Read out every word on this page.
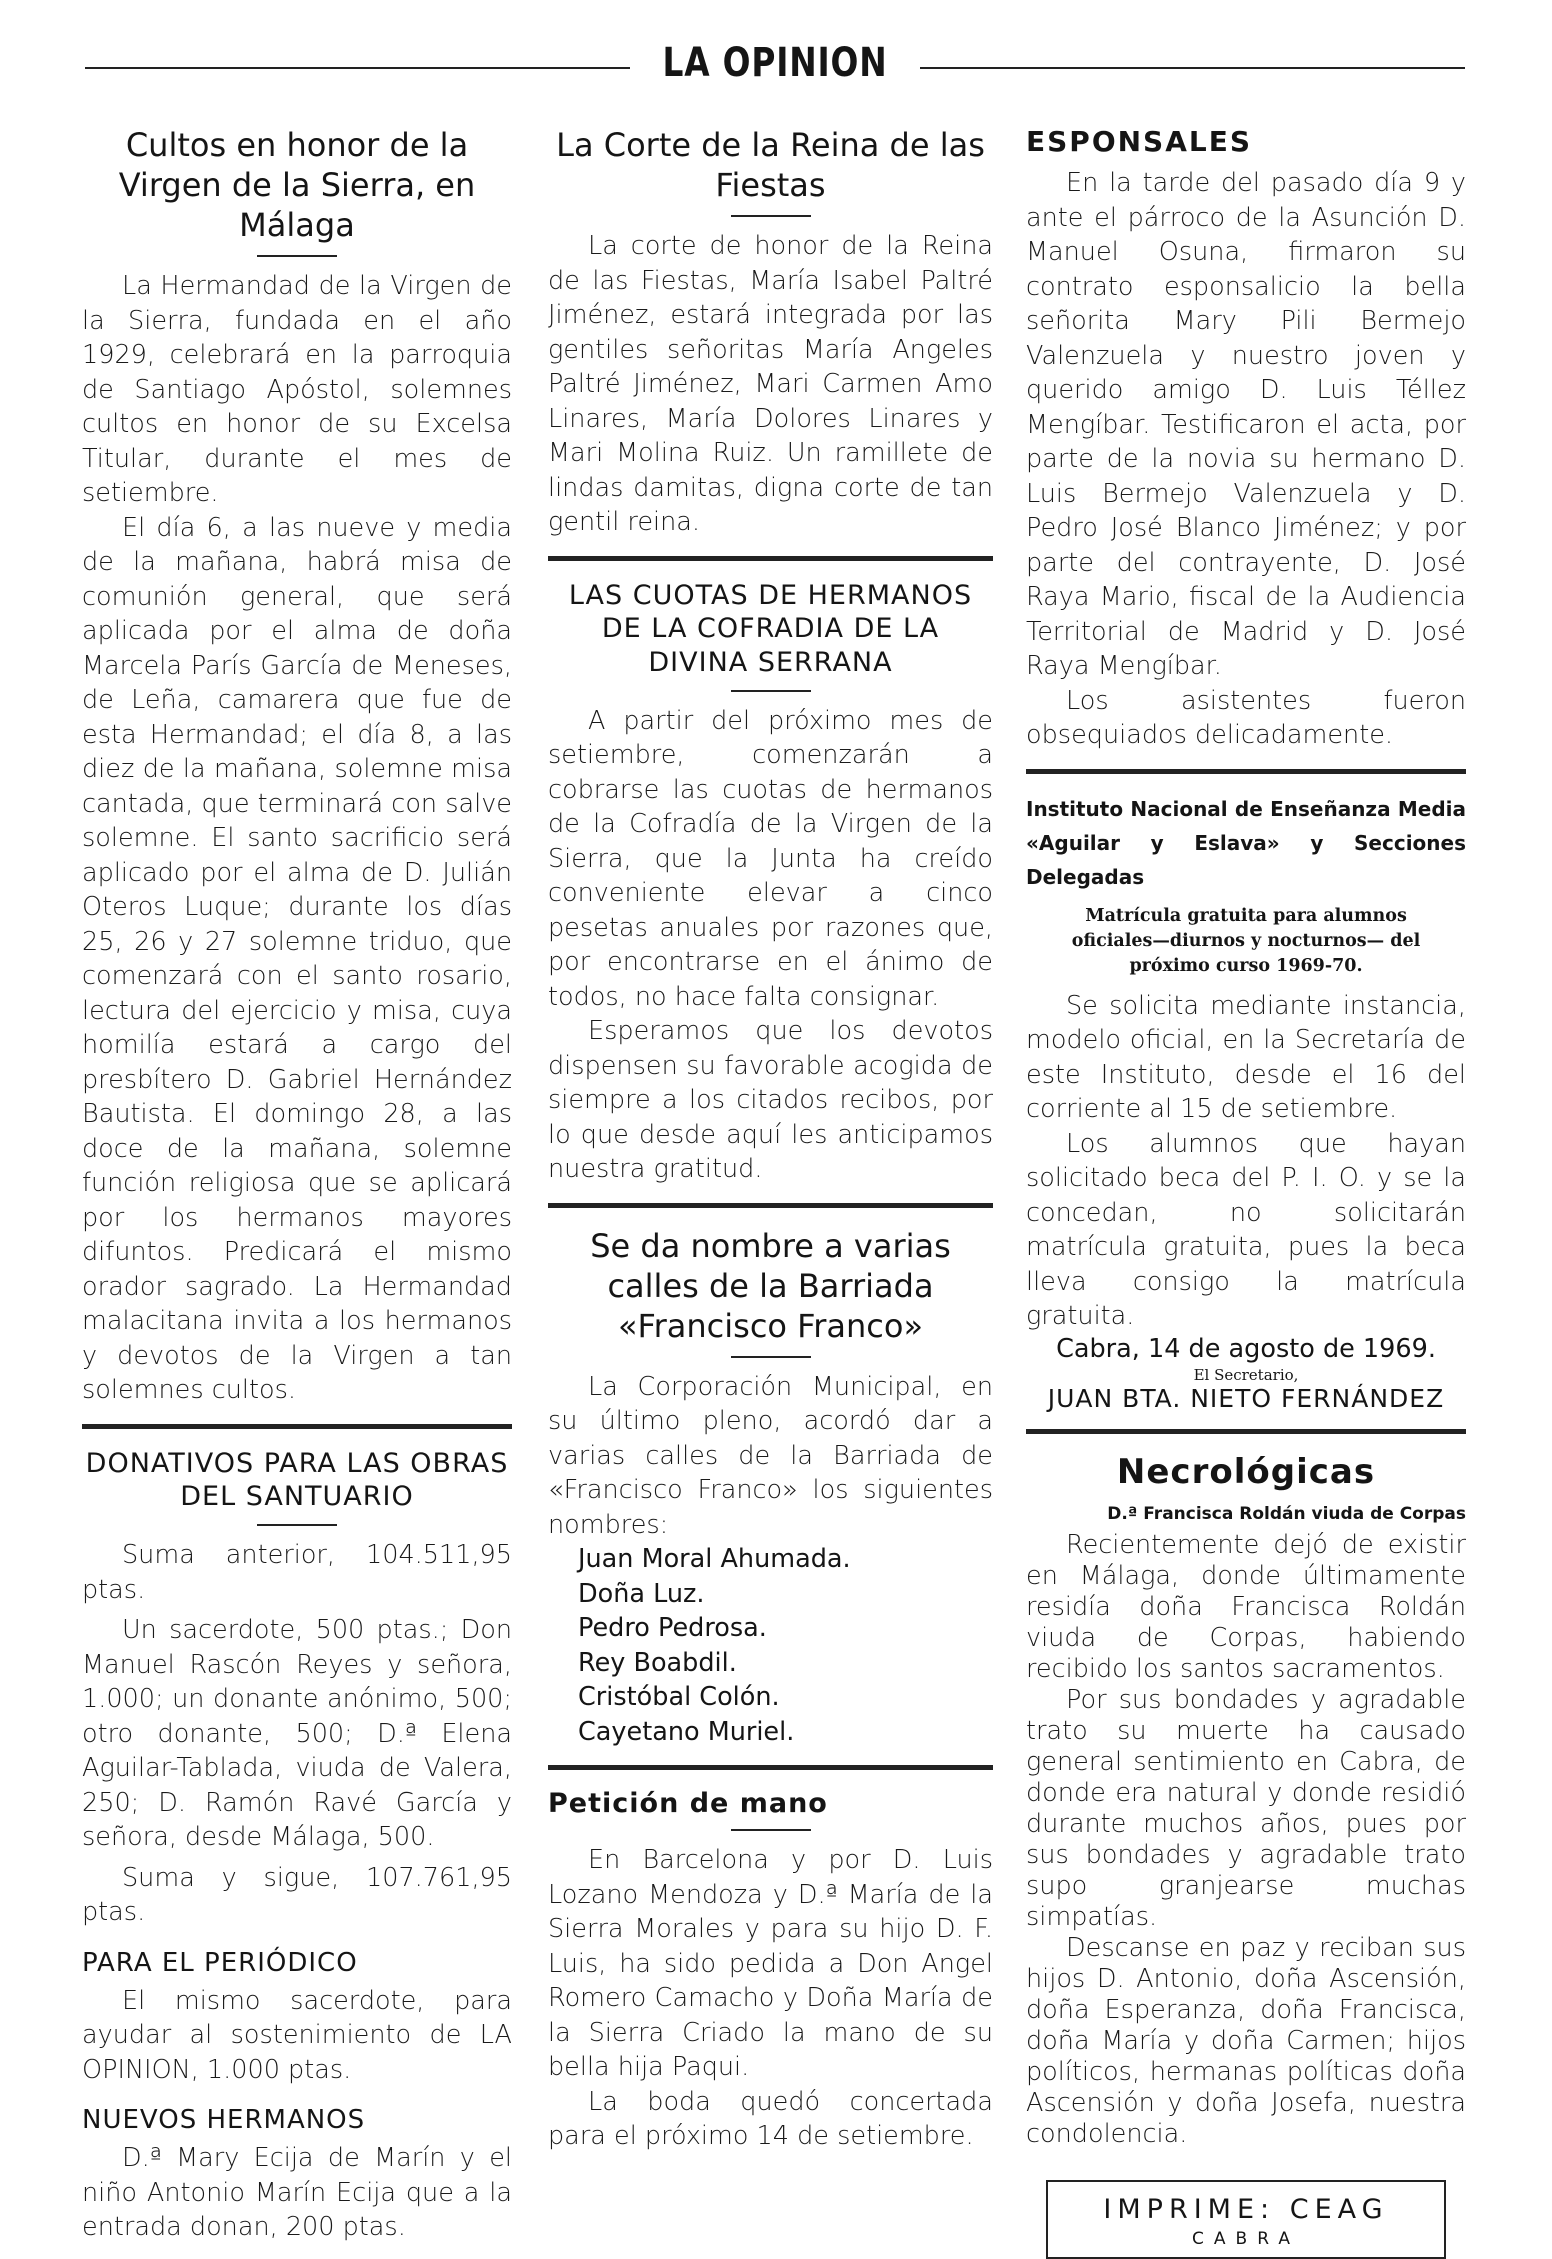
LA OPINION
Cultos en honor de la Virgen de la Sierra, en Málaga

La Hermandad de la Virgen de la Sierra, fundada en el año 1929, celebrará en la parroquia de Santiago Apóstol, solemnes cultos en honor de su Excelsa Titular, durante el mes de setiembre.

El día 6, a las nueve y media de la mañana, habrá misa de comunión general, que será aplicada por el alma de doña Marcela París García de Meneses, de Leña, camarera que fue de esta Hermandad; el día 8, a las diez de la mañana, solemne misa cantada, que terminará con salve solemne. El santo sacrificio será aplicado por el alma de D. Julián Oteros Luque; durante los días 25, 26 y 27 solemne triduo, que comenzará con el santo rosario, lectura del ejercicio y misa, cuya homilía estará a cargo del presbítero D. Gabriel Hernández Bautista. El domingo 28, a las doce de la mañana, solemne función religiosa que se aplicará por los hermanos mayores difuntos. Predicará el mismo orador sagrado. La Hermandad malacitana invita a los hermanos y devotos de la Virgen a tan solemnes cultos.

DONATIVOS PARA LAS OBRAS DEL SANTUARIO

Suma anterior, 104.511,95 ptas.

Un sacerdote, 500 ptas.; Don Manuel Rascón Reyes y señora, 1.000; un donante anónimo, 500; otro donante, 500; D.ª Elena Aguilar-Tablada, viuda de Valera, 250; D. Ramón Ravé García y señora, desde Málaga, 500.

Suma y sigue, 107.761,95 ptas.

PARA EL PERIÓDICO

El mismo sacerdote, para ayudar al sostenimiento de LA OPINION, 1.000 ptas.

NUEVOS HERMANOS

D.ª Mary Ecija de Marín y el niño Antonio Marín Ecija que a la entrada donan, 200 ptas.

La Corte de la Reina de las Fiestas

La corte de honor de la Reina de las Fiestas, María Isabel Paltré Jiménez, estará integrada por las gentiles señoritas María Angeles Paltré Jiménez, Mari Carmen Amo Linares, María Dolores Linares y Mari Molina Ruiz. Un ramillete de lindas damitas, digna corte de tan gentil reina.

LAS CUOTAS DE HERMANOS DE LA COFRADIA DE LA DIVINA SERRANA

A partir del próximo mes de setiembre, comenzarán a cobrarse las cuotas de hermanos de la Cofradía de la Virgen de la Sierra, que la Junta ha creído conveniente elevar a cinco pesetas anuales por razones que, por encontrarse en el ánimo de todos, no hace falta consignar.

Esperamos que los devotos dispensen su favorable acogida de siempre a los citados recibos, por lo que desde aquí les anticipamos nuestra gratitud.

Se da nombre a varias calles de la Barriada «Francisco Franco»

La Corporación Municipal, en su último pleno, acordó dar a varias calles de la Barriada de «Francisco Franco» los siguientes nombres:

Juan Moral Ahumada.
Doña Luz.
Pedro Pedrosa.
Rey Boabdil.
Cristóbal Colón.
Cayetano Muriel.
Petición de mano

En Barcelona y por D. Luis Lozano Mendoza y D.ª María de la Sierra Morales y para su hijo D. F. Luis, ha sido pedida a Don Angel Romero Camacho y Doña María de la Sierra Criado la mano de su bella hija Paqui.

La boda quedó concertada para el próximo 14 de setiembre.

ESPONSALES

En la tarde del pasado día 9 y ante el párroco de la Asunción D. Manuel Osuna, firmaron su contrato esponsalicio la bella señorita Mary Pili Bermejo Valenzuela y nuestro joven y querido amigo D. Luis Téllez Mengíbar. Testificaron el acta, por parte de la novia su hermano D. Luis Bermejo Valenzuela y D. Pedro José Blanco Jiménez; y por parte del contrayente, D. José Raya Mario, fiscal de la Audiencia Territorial de Madrid y D. José Raya Mengíbar.

Los asistentes fueron obsequiados delicadamente.

Instituto Nacional de Enseñanza Media «Aguilar y Eslava» y Secciones Delegadas
Matrícula gratuita para alumnos oficiales—diurnos y nocturnos— del próximo curso 1969-70.

Se solicita mediante instancia, modelo oficial, en la Secretaría de este Instituto, desde el 16 del corriente al 15 de setiembre.

Los alumnos que hayan solicitado beca del P. I. O. y se la concedan, no solicitarán matrícula gratuita, pues la beca lleva consigo la matrícula gratuita.

Cabra, 14 de agosto de 1969.
El Secretario,
JUAN BTA. NIETO FERNÁNDEZ
Necrológicas
D.ª Francisca Roldán viuda de Corpas

Recientemente dejó de existir en Málaga, donde últimamente residía doña Francisca Roldán viuda de Corpas, habiendo recibido los santos sacramentos.

Por sus bondades y agradable trato su muerte ha causado general sentimiento en Cabra, de donde era natural y donde residió durante muchos años, pues por sus bondades y agradable trato supo granjearse muchas simpatías.

Descanse en paz y reciban sus hijos D. Antonio, doña Ascensión, doña Esperanza, doña Francisca, doña María y doña Carmen; hijos políticos, hermanas políticas doña Ascensión y doña Josefa, nuestra condolencia.

IMPRIME: CEAG
CABRA
